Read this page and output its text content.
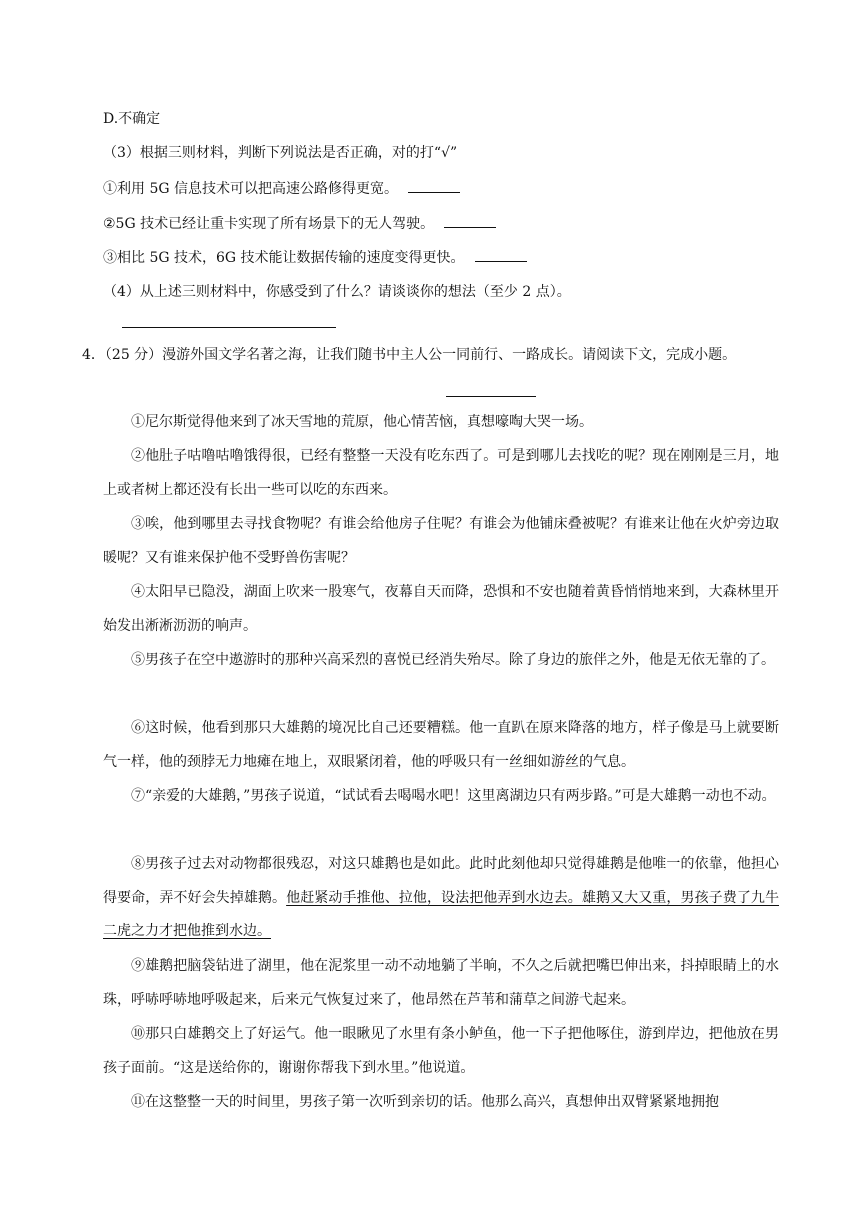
D.不确定
（3）根据三则材料，判断下列说法是否正确，对的打“√”
①利用 5G 信息技术可以把高速公路修得更宽。
②5G 技术已经让重卡实现了所有场景下的无人驾驶。
③相比 5G 技术，6G 技术能让数据传输的速度变得更快。
（4）从上述三则材料中，你感受到了什么？请谈谈你的想法（至少 2 点）。
4．（25 分）漫游外国文学名著之海，让我们随书中主人公一同前行、一路成长。请阅读下文，完成小题。
①尼尔斯觉得他来到了冰天雪地的荒原，他心情苦恼，真想嚎啕大哭一场。
②他肚子咕噜咕噜饿得很，已经有整整一天没有吃东西了。可是到哪儿去找吃的呢？现在刚刚是三月，地上或者树上都还没有长出一些可以吃的东西来。
③唉，他到哪里去寻找食物呢？有谁会给他房子住呢？有谁会为他铺床叠被呢？有谁来让他在火炉旁边取暖呢？又有谁来保护他不受野兽伤害呢？
④太阳早已隐没，湖面上吹来一股寒气，夜幕自天而降，恐惧和不安也随着黄昏悄悄地来到，大森林里开始发出淅淅沥沥的响声。
⑤男孩子在空中遨游时的那种兴高采烈的喜悦已经消失殆尽。除了身边的旅伴之外，他是无依无靠的了。
⑥这时候，他看到那只大雄鹅的境况比自己还要糟糕。他一直趴在原来降落的地方，样子像是马上就要断气一样，他的颈脖无力地瘫在地上，双眼紧闭着，他的呼吸只有一丝细如游丝的气息。
⑦“亲爱的大雄鹅，”男孩子说道，“试试看去喝喝水吧！这里离湖边只有两步路。”可是大雄鹅一动也不动。
⑧男孩子过去对动物都很残忍，对这只雄鹅也是如此。此时此刻他却只觉得雄鹅是他唯一的依靠，他担心得要命，弄不好会失掉雄鹅。他赶紧动手推他、拉他，设法把他弄到水边去。雄鹅又大又重，男孩子费了九牛二虎之力才把他推到水边。
⑨雄鹅把脑袋钻进了湖里，他在泥浆里一动不动地躺了半晌，不久之后就把嘴巴伸出来，抖掉眼睛上的水珠，呼哧呼哧地呼吸起来，后来元气恢复过来了，他昂然在芦苇和蒲草之间游弋起来。
⑩那只白雄鹅交上了好运气。他一眼瞅见了水里有条小鲈鱼，他一下子把他啄住，游到岸边，把他放在男孩子面前。“这是送给你的，谢谢你帮我下到水里。”他说道。
⑪在这整整一天的时间里，男孩子第一次听到亲切的话。他那么高兴，真想伸出双臂紧紧地拥抱
